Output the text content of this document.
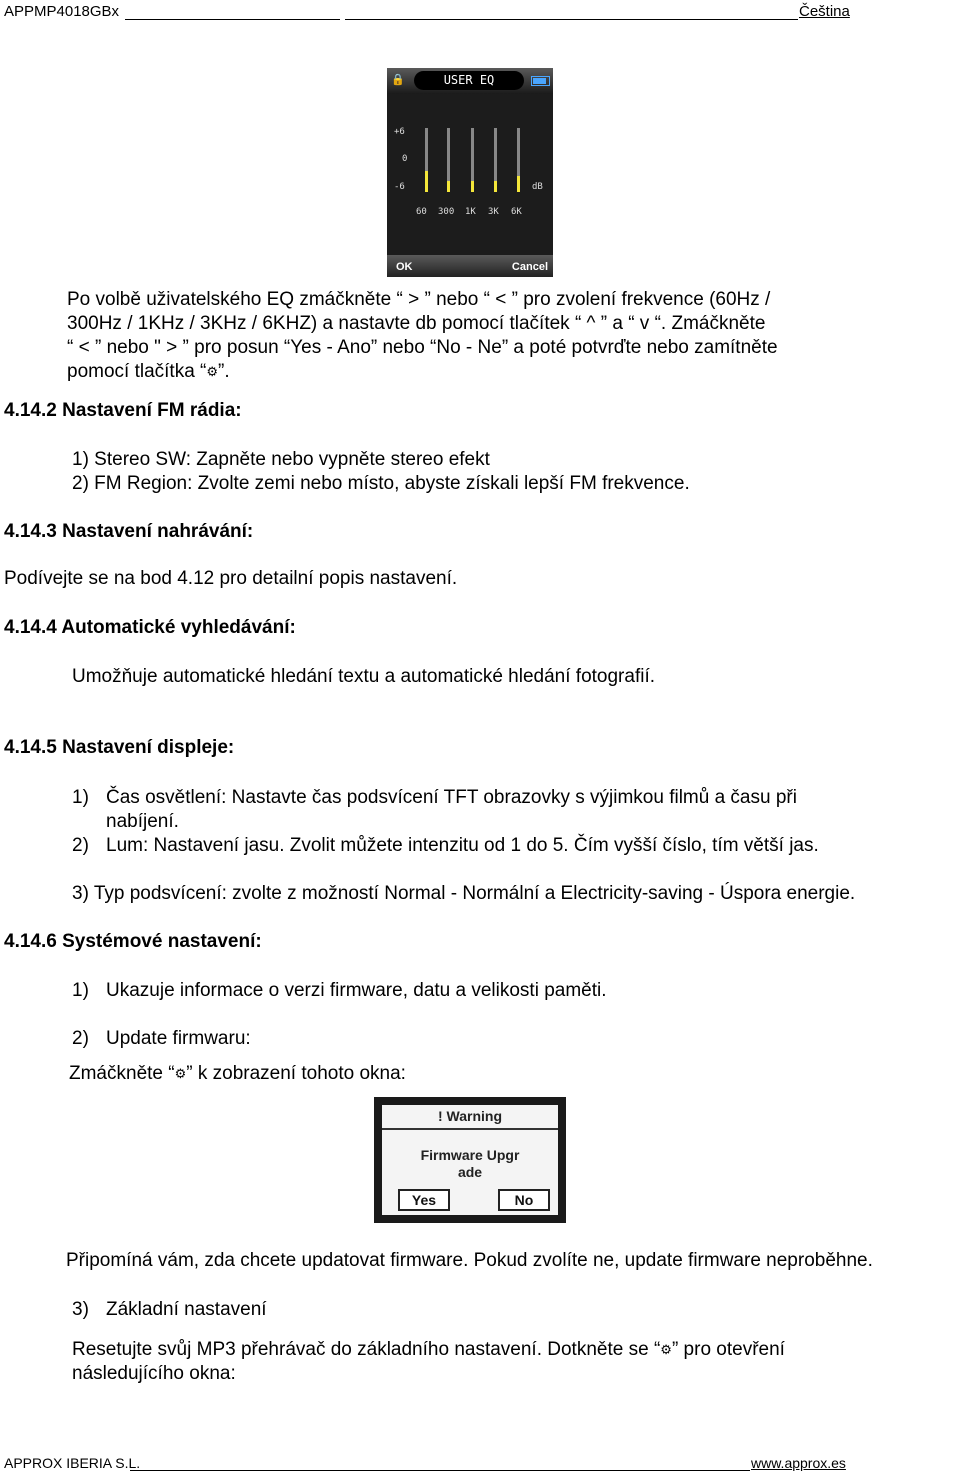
APPMP4018GBx	Čeština
🔒	USER EQ
+6
0
-6	dB
60 300 1K 3K 6K
OK	Cancel
Po volbě uživatelského EQ zmáčkněte “ > ” nebo “ < ” pro zvolení frekvence (60Hz /
300Hz / 1KHz / 3KHz / 6KHZ) a nastavte db pomocí tlačítek “ ^ ” a “ v “. Zmáčkněte
“ < ” nebo " > ” pro posun “Yes - Ano” nebo “No - Ne” a poté potvrďte nebo zamítněte
pomocí tlačítka “⚙”.
4.14.2 Nastavení FM rádia:
1) Stereo SW: Zapněte nebo vypněte stereo efekt
2) FM Region: Zvolte zemi nebo místo, abyste získali lepší FM frekvence.
4.14.3 Nastavení nahrávání:
Podívejte se na bod 4.12 pro detailní popis nastavení.
4.14.4 Automatické vyhledávání:
Umožňuje automatické hledání textu a automatické hledání fotografií.
4.14.5 Nastavení displeje:
1) Čas osvětlení: Nastavte čas podsvícení TFT obrazovky s výjimkou filmů a času při
nabíjení.
2) Lum: Nastavení jasu. Zvolit můžete intenzitu od 1 do 5. Čím vyšší číslo, tím větší jas.
3) Typ podsvícení: zvolte z možností Normal - Normální a Electricity-saving - Úspora energie.
4.14.6 Systémové nastavení:
1) Ukazuje informace o verzi firmware, datu a velikosti paměti.
2) Update firmwaru:
Zmáčkněte “⚙” k zobrazení tohoto okna:
! Warning
Firmware Upgr
ade
Yes	No
Připomíná vám, zda chcete updatovat firmware. Pokud zvolíte ne, update firmware neproběhne.
3) Základní nastavení
Resetujte svůj MP3 přehrávač do základního nastavení. Dotkněte se “⚙” pro otevření
následujícího okna:
APPROX IBERIA S.L.	www.approx.es
